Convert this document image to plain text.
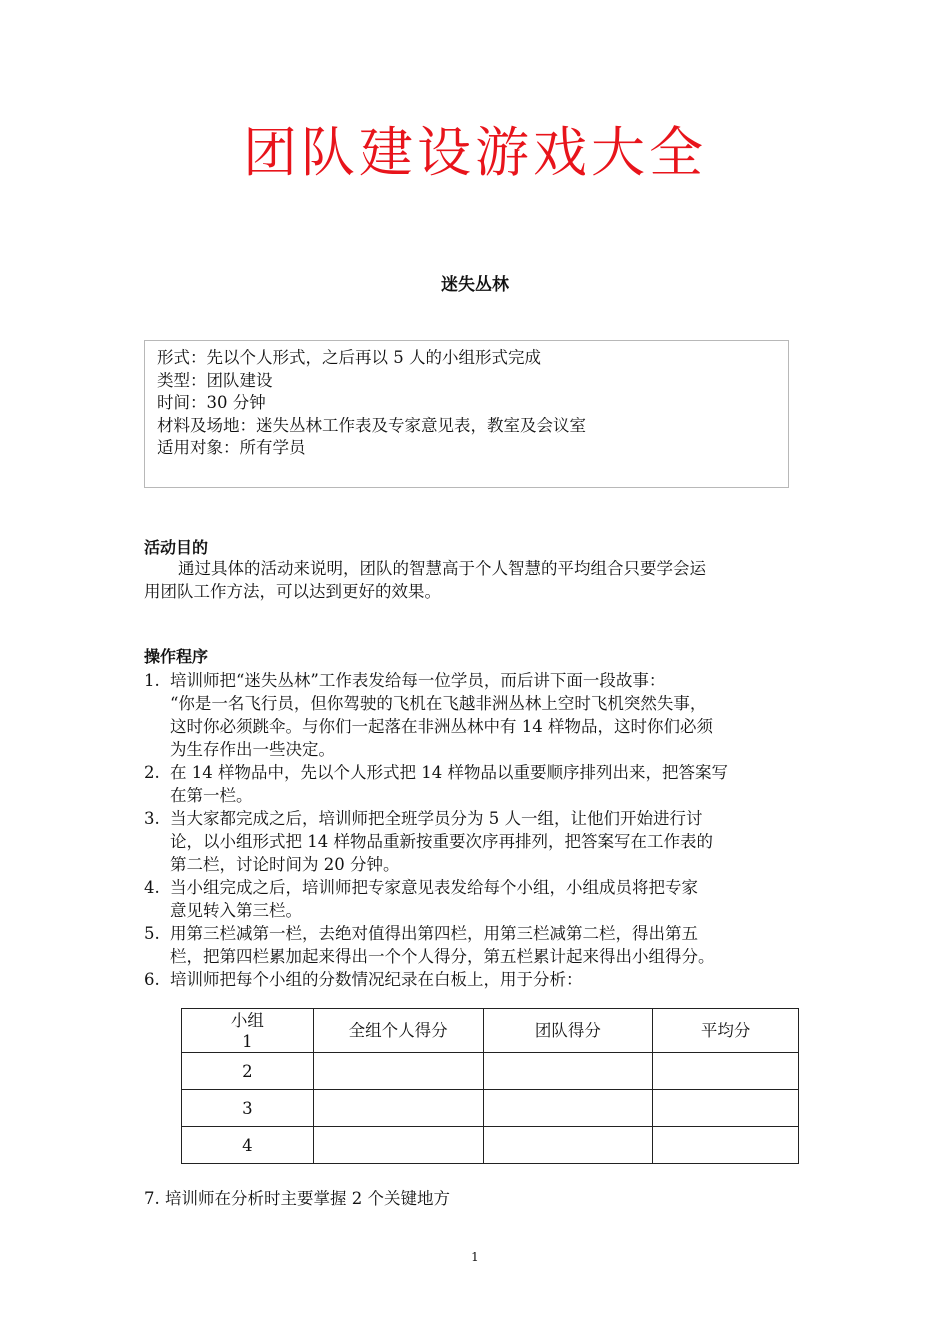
团队建设游戏大全
迷失丛林
形式：先以个人形式，之后再以 5 人的小组形式完成
类型：团队建设
时间：30 分钟
材料及场地：迷失丛林工作表及专家意见表，教室及会议室
适用对象：所有学员
活动目的
通过具体的活动来说明，团队的智慧高于个人智慧的平均组合只要学会运
用团队工作方法，可以达到更好的效果。
操作程序
1. 培训师把“迷失丛林”工作表发给每一位学员，而后讲下面一段故事：
“你是一名飞行员，但你驾驶的飞机在飞越非洲丛林上空时飞机突然失事，
这时你必须跳伞。与你们一起落在非洲丛林中有 14 样物品，这时你们必须
为生存作出一些决定。
2. 在 14 样物品中，先以个人形式把 14 样物品以重要顺序排列出来，把答案写
在第一栏。
3. 当大家都完成之后，培训师把全班学员分为 5 人一组，让他们开始进行讨
论，以小组形式把 14 样物品重新按重要次序再排列，把答案写在工作表的
第二栏，讨论时间为 20 分钟。
4. 当小组完成之后，培训师把专家意见表发给每个小组，小组成员将把专家
意见转入第三栏。
5. 用第三栏减第一栏，去绝对值得出第四栏，用第三栏减第二栏，得出第五
栏，把第四栏累加起来得出一个个人得分，第五栏累计起来得出小组得分。
6. 培训师把每个小组的分数情况纪录在白板上，用于分析：
小组
1	全组个人得分	团队得分	平均分
2			
3			
4			
7. 培训师在分析时主要掌握 2 个关键地方
1
